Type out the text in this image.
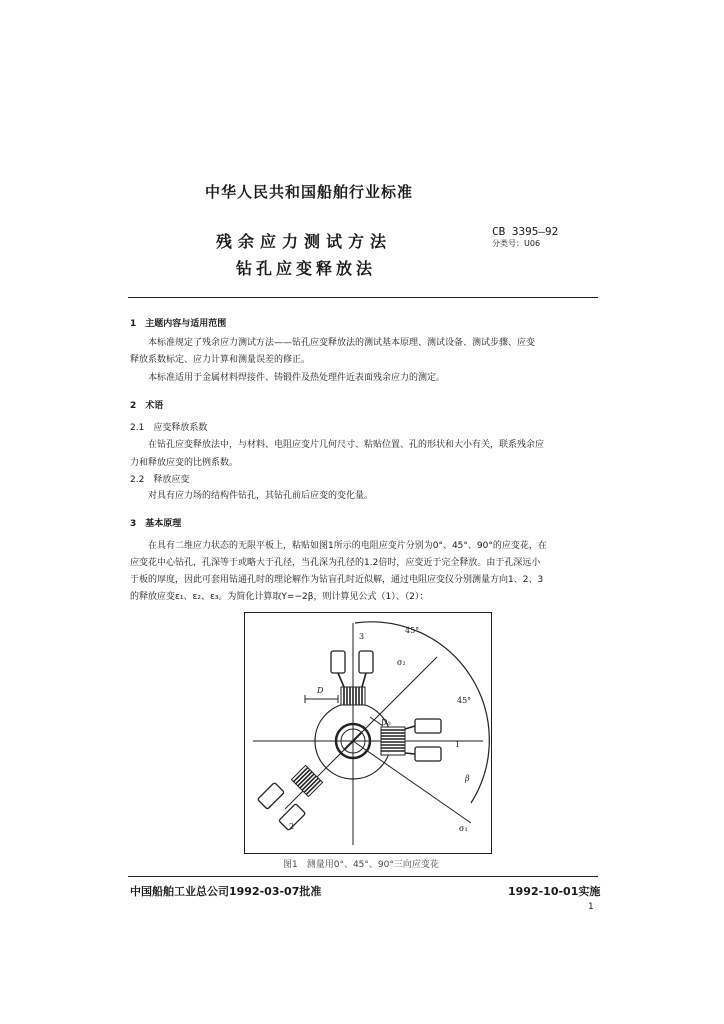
中华人民共和国船舶行业标准
残余应力测试方法
钻孔应变释放法
CB 3395—92
分类号：U06
1　主题内容与适用范围
本标准规定了残余应力测试方法——钻孔应变释放法的测试基本原理、测试设备、测试步骤、应变
释放系数标定、应力计算和测量误差的修正。
本标准适用于金属材料焊接件、铸锻件及热处理件近表面残余应力的测定。
2　术语
2.1　应变释放系数
在钻孔应变释放法中，与材料、电阻应变片几何尺寸、粘贴位置、孔的形状和大小有关，联系残余应
力和释放应变的比例系数。
2.2　释放应变
对具有应力场的结构件钻孔，其钻孔前后应变的变化量。
3　基本原理
在具有二维应力状态的无限平板上，粘贴如图1所示的电阻应变片分别为0°、45°、90°的应变花，在
应变花中心钻孔，孔深等于或略大于孔径，当孔深为孔径的1.2倍时，应变近于完全释放。由于孔深远小
于板的厚度，因此可套用钻通孔时的理论解作为钻盲孔时近似解，通过电阻应变仪分别测量方向1、2、3
的释放应变ε₁、ε₂、ε₃。为简化计算取Y=−2β，则计算见公式（1）、（2）：
3
σ₂
45°
45°
D
D₀
1
β
σ₁
2
图1　测量用0°、45°、90°三向应变花
中国船舶工业总公司1992-03-07批准	1992-10-01实施
1
